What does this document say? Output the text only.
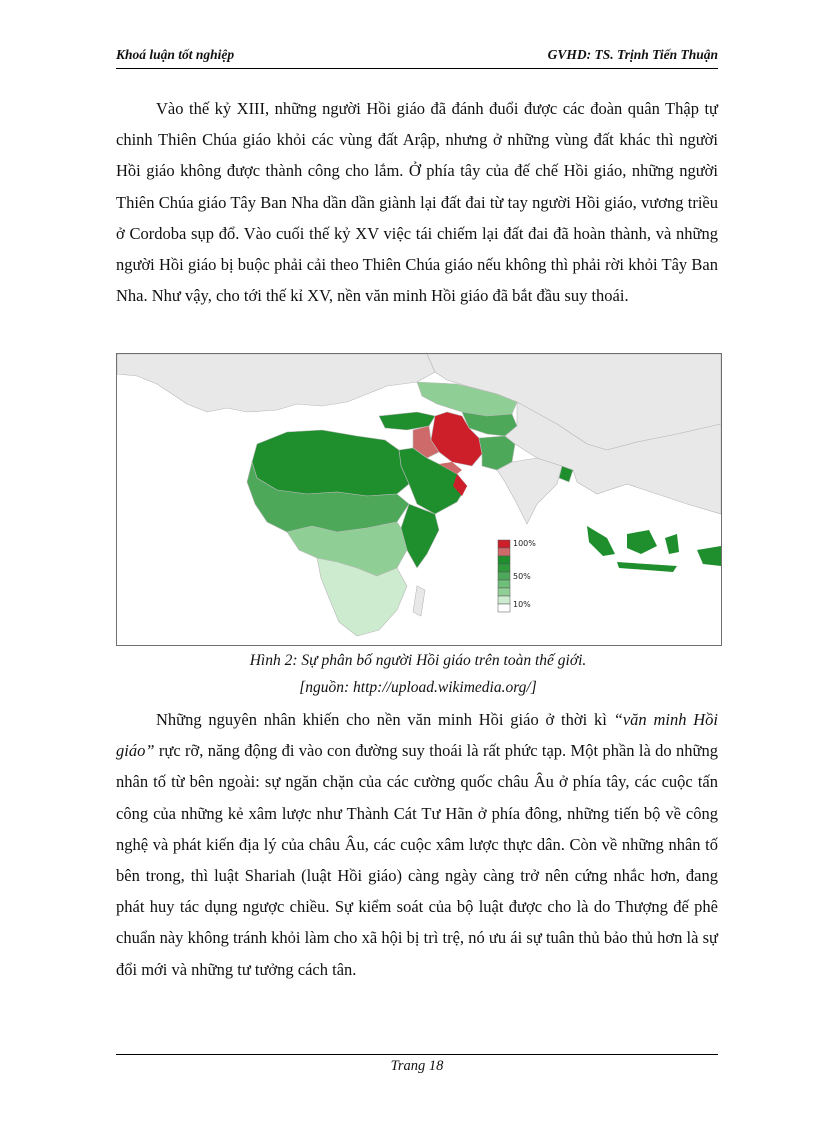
Khoá luận tốt nghiệp	GVHD: TS. Trịnh Tiến Thuận

Vào thế kỷ XIII, những người Hồi giáo đã đánh đuổi được các đoàn quân Thập tự chinh Thiên Chúa giáo khỏi các vùng đất Arập, nhưng ở những vùng đất khác thì người Hồi giáo không được thành công cho lắm. Ở phía tây của đế chế Hồi giáo, những người Thiên Chúa giáo Tây Ban Nha dần dần giành lại đất đai từ tay người Hồi giáo, vương triều ở Cordoba sụp đổ. Vào cuối thế kỷ XV việc tái chiếm lại đất đai đã hoàn thành, và những người Hồi giáo bị buộc phải cải theo Thiên Chúa giáo nếu không thì phải rời khỏi Tây Ban Nha. Như vậy, cho tới thế kỉ XV, nền văn minh Hồi giáo đã bắt đầu suy thoái.

100%
50%
10%

Hình 2: Sự phân bố người Hồi giáo trên toàn thế giới.

[nguồn: http://upload.wikimedia.org/]

Những nguyên nhân khiến cho nền văn minh Hồi giáo ở thời kì “văn minh Hồi giáo” rực rỡ, năng động đi vào con đường suy thoái là rất phức tạp. Một phần là do những nhân tố từ bên ngoài: sự ngăn chặn của các cường quốc châu Âu ở phía tây, các cuộc tấn công của những kẻ xâm lược như Thành Cát Tư Hãn ở phía đông, những tiến bộ về công nghệ và phát kiến địa lý của châu Âu, các cuộc xâm lược thực dân. Còn về những nhân tố bên trong, thì luật Shariah (luật Hồi giáo) càng ngày càng trở nên cứng nhắc hơn, đang phát huy tác dụng ngược chiều. Sự kiểm soát của bộ luật được cho là do Thượng đế phê chuẩn này không tránh khỏi làm cho xã hội bị trì trệ, nó ưu ái sự tuân thủ bảo thủ hơn là sự đổi mới và những tư tưởng cách tân.

Trang 18
